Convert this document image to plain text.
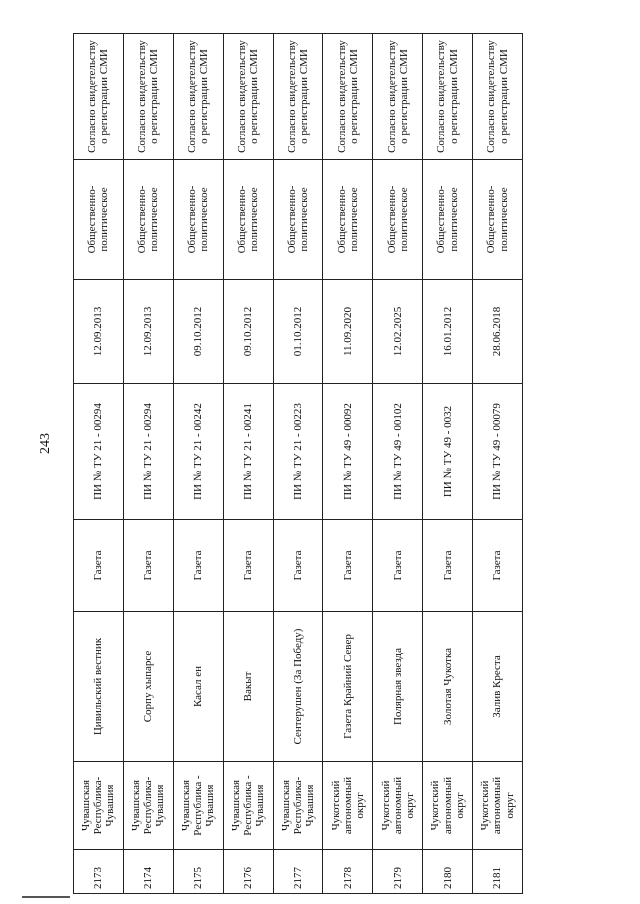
243
2173	Чувашская Республика-Чувашия	Цивильский вестник	Газета	ПИ № ТУ 21 - 00294	12.09.2013	Общественно-политическое	Согласно свидетельству о регистрации СМИ
2174	Чувашская Республика-Чувашия	Сорпу хыпарсе	Газета	ПИ № ТУ 21 - 00294	12.09.2013	Общественно-политическое	Согласно свидетельству о регистрации СМИ
2175	Чувашская Республика - Чувашия	Касал ен	Газета	ПИ № ТУ 21 - 00242	09.10.2012	Общественно-политическое	Согласно свидетельству о регистрации СМИ
2176	Чувашская Республика - Чувашия	Вакыт	Газета	ПИ № ТУ 21 - 00241	09.10.2012	Общественно-политическое	Согласно свидетельству о регистрации СМИ
2177	Чувашская Республика-Чувашия	Сентерушен (За Победу)	Газета	ПИ № ТУ 21 - 00223	01.10.2012	Общественно-политическое	Согласно свидетельству о регистрации СМИ
2178	Чукотский автономный округ	Газета Крайний Север	Газета	ПИ № ТУ 49 - 00092	11.09.2020	Общественно-политическое	Согласно свидетельству о регистрации СМИ
2179	Чукотский автономный округ	Полярная звезда	Газета	ПИ № ТУ 49 - 00102	12.02.2025	Общественно-политическое	Согласно свидетельству о регистрации СМИ
2180	Чукотский автономный округ	Золотая Чукотка	Газета	ПИ № ТУ 49 - 0032	16.01.2012	Общественно-политическое	Согласно свидетельству о регистрации СМИ
2181	Чукотский автономный округ	Залив Креста	Газета	ПИ № ТУ 49 - 00079	28.06.2018	Общественно-политическое	Согласно свидетельству о регистрации СМИ
